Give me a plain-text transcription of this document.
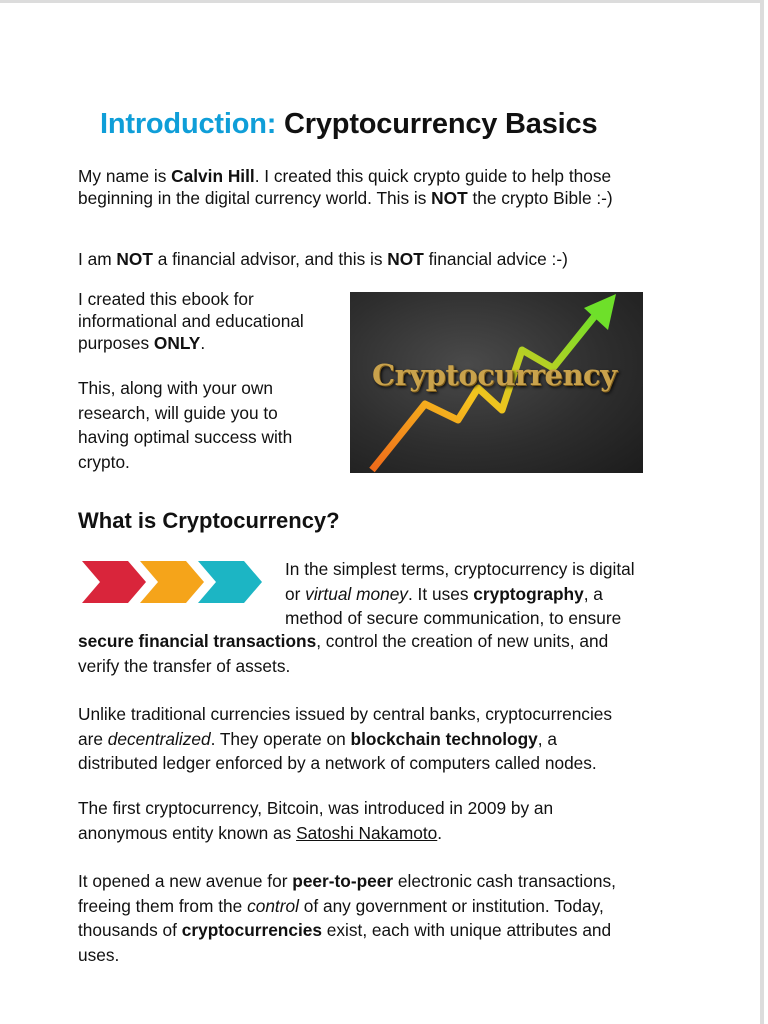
Introduction: Cryptocurrency Basics

My name is Calvin Hill. I created this quick crypto guide to help those
beginning in the digital currency world. This is NOT the crypto Bible :-)

I am NOT a financial advisor, and this is NOT financial advice :-)

I created this ebook for
informational and educational
purposes ONLY.

This, along with your own
research, will guide you to
having optimal success with
crypto.

Cryptocurrency
What is Cryptocurrency?

In the simplest terms, cryptocurrency is digital
or virtual money. It uses cryptography, a
method of secure communication, to ensure

secure financial transactions, control the creation of new units, and
verify the transfer of assets.

Unlike traditional currencies issued by central banks, cryptocurrencies
are decentralized. They operate on blockchain technology, a
distributed ledger enforced by a network of computers called nodes.

The first cryptocurrency, Bitcoin, was introduced in 2009 by an
anonymous entity known as Satoshi Nakamoto.

It opened a new avenue for peer-to-peer electronic cash transactions,
freeing them from the control of any government or institution. Today,
thousands of cryptocurrencies exist, each with unique attributes and
uses.
